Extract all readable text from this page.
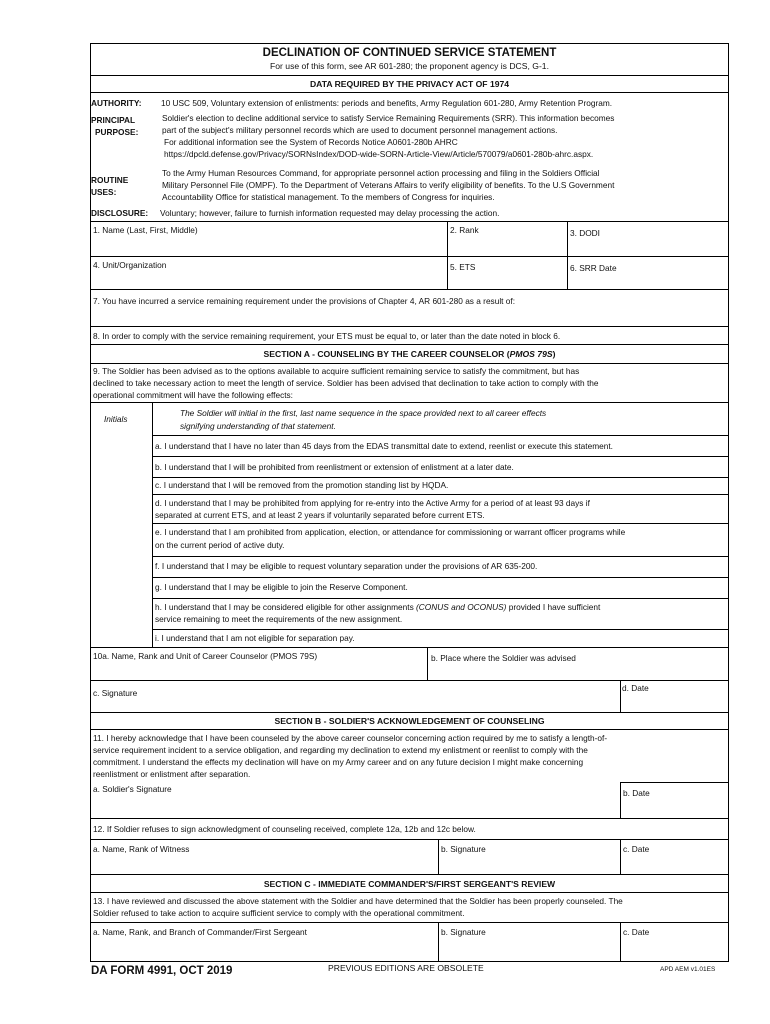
DECLINATION OF CONTINUED SERVICE STATEMENT
For use of this form, see AR 601-280; the proponent agency is DCS, G-1.
DATA REQUIRED BY THE PRIVACY ACT OF 1974
AUTHORITY: 10 USC 509, Voluntary extension of enlistments: periods and benefits, Army Regulation 601-280, Army Retention Program.
PRINCIPAL
PURPOSE:
Soldier's election to decline additional service to satisfy Service Remaining Requirements (SRR). This information becomes
part of the subject's military personnel records which are used to document personnel management actions.
For additional information see the System of Records Notice A0601-280b AHRC
https://dpcld.defense.gov/Privacy/SORNsIndex/DOD-wide-SORN-Article-View/Article/570079/a0601-280b-ahrc.aspx.
ROUTINE
USES:
To the Army Human Resources Command, for appropriate personnel action processing and filing in the Soldiers Official
Military Personnel File (OMPF). To the Department of Veterans Affairs to verify eligibility of benefits. To the U.S Government
Accountability Office for statistical management. To the members of Congress for inquiries.
DISCLOSURE: Voluntary; however, failure to furnish information requested may delay processing the action.
1. Name (Last, First, Middle)	2. Rank	3. DODI
4. Unit/Organization	5. ETS	6. SRR Date
7. You have incurred a service remaining requirement under the provisions of Chapter 4, AR 601-280 as a result of:
8. In order to comply with the service remaining requirement, your ETS must be equal to, or later than the date noted in block 6.
SECTION A - COUNSELING BY THE CAREER COUNSELOR (PMOS 79S)
9. The Soldier has been advised as to the options available to acquire sufficient remaining service to satisfy the commitment, but has
declined to take necessary action to meet the length of service. Soldier has been advised that declination to take action to comply with the
operational commitment will have the following effects:
Initials
The Soldier will initial in the first, last name sequence in the space provided next to all career effects
signifying understanding of that statement.
a. I understand that I have no later than 45 days from the EDAS transmittal date to extend, reenlist or execute this statement.
b. I understand that I will be prohibited from reenlistment or extension of enlistment at a later date.
c. I understand that I will be removed from the promotion standing list by HQDA.
d. I understand that I may be prohibited from applying for re-entry into the Active Army for a period of at least 93 days if
separated at current ETS, and at least 2 years if voluntarily separated before current ETS.
e. I understand that I am prohibited from application, election, or attendance for commissioning or warrant officer programs while
on the current period of active duty.
f. I understand that I may be eligible to request voluntary separation under the provisions of AR 635-200.
g. I understand that I may be eligible to join the Reserve Component.
h. I understand that I may be considered eligible for other assignments (CONUS and OCONUS) provided I have sufficient
service remaining to meet the requirements of the new assignment.
i. I understand that I am not eligible for separation pay.
10a. Name, Rank and Unit of Career Counselor (PMOS 79S)	b. Place where the Soldier was advised
c. Signature	d. Date
SECTION B - SOLDIER'S ACKNOWLEDGEMENT OF COUNSELING
11. I hereby acknowledge that I have been counseled by the above career counselor concerning action required by me to satisfy a length-of-
service requirement incident to a service obligation, and regarding my declination to extend my enlistment or reenlist to comply with the
commitment. I understand the effects my declination will have on my Army career and on any future decision I might make concerning
reenlistment or enlistment after separation.
a. Soldier's Signature	b. Date
12. If Soldier refuses to sign acknowledgment of counseling received, complete 12a, 12b and 12c below.
a. Name, Rank of Witness	b. Signature	c. Date
SECTION C - IMMEDIATE COMMANDER'S/FIRST SERGEANT'S REVIEW
13. I have reviewed and discussed the above statement with the Soldier and have determined that the Soldier has been properly counseled. The
Soldier refused to take action to acquire sufficient service to comply with the operational commitment.
a. Name, Rank, and Branch of Commander/First Sergeant	b. Signature	c. Date
DA FORM 4991, OCT 2019	PREVIOUS EDITIONS ARE OBSOLETE	APD AEM v1.01ES
